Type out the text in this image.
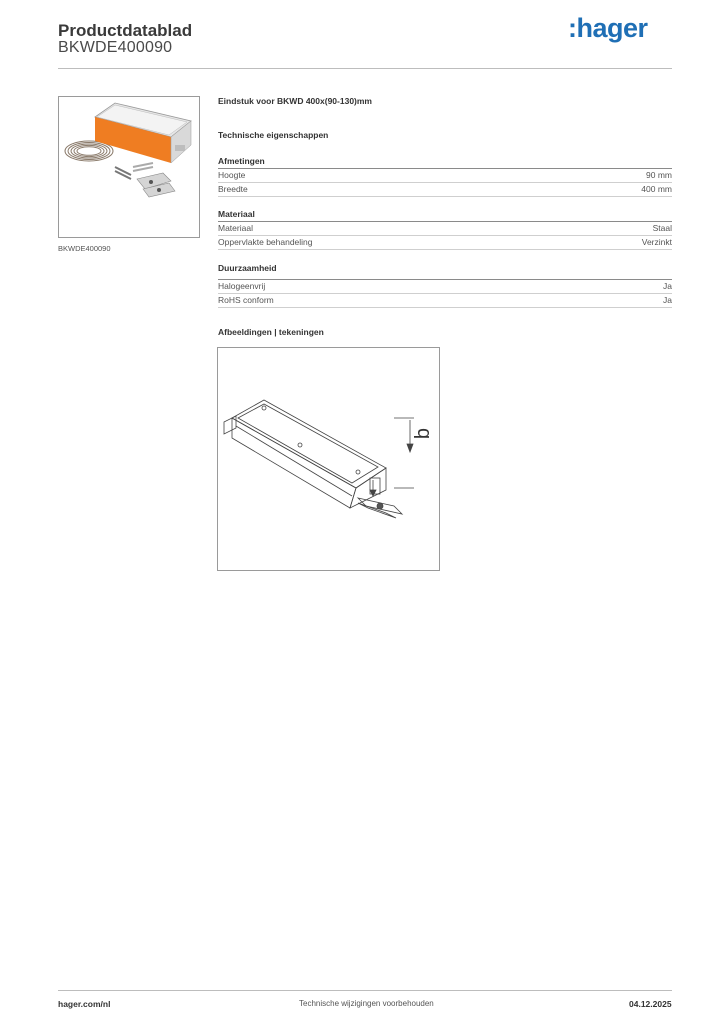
Productdatablad
BKWDE400090
:hager
BKWDE400090
Eindstuk voor BKWD 400x(90-130)mm
Technische eigenschappen
Afmetingen
Hoogte	90 mm
Breedte	400 mm
Materiaal
Materiaal	Staal
Oppervlakte behandeling	Verzinkt
Duurzaamheid
Halogeenvrij	Ja
RoHS conform	Ja
Afbeeldingen | tekeningen
b
hager.com/nl	Technische wijzigingen voorbehouden	04.12.2025
